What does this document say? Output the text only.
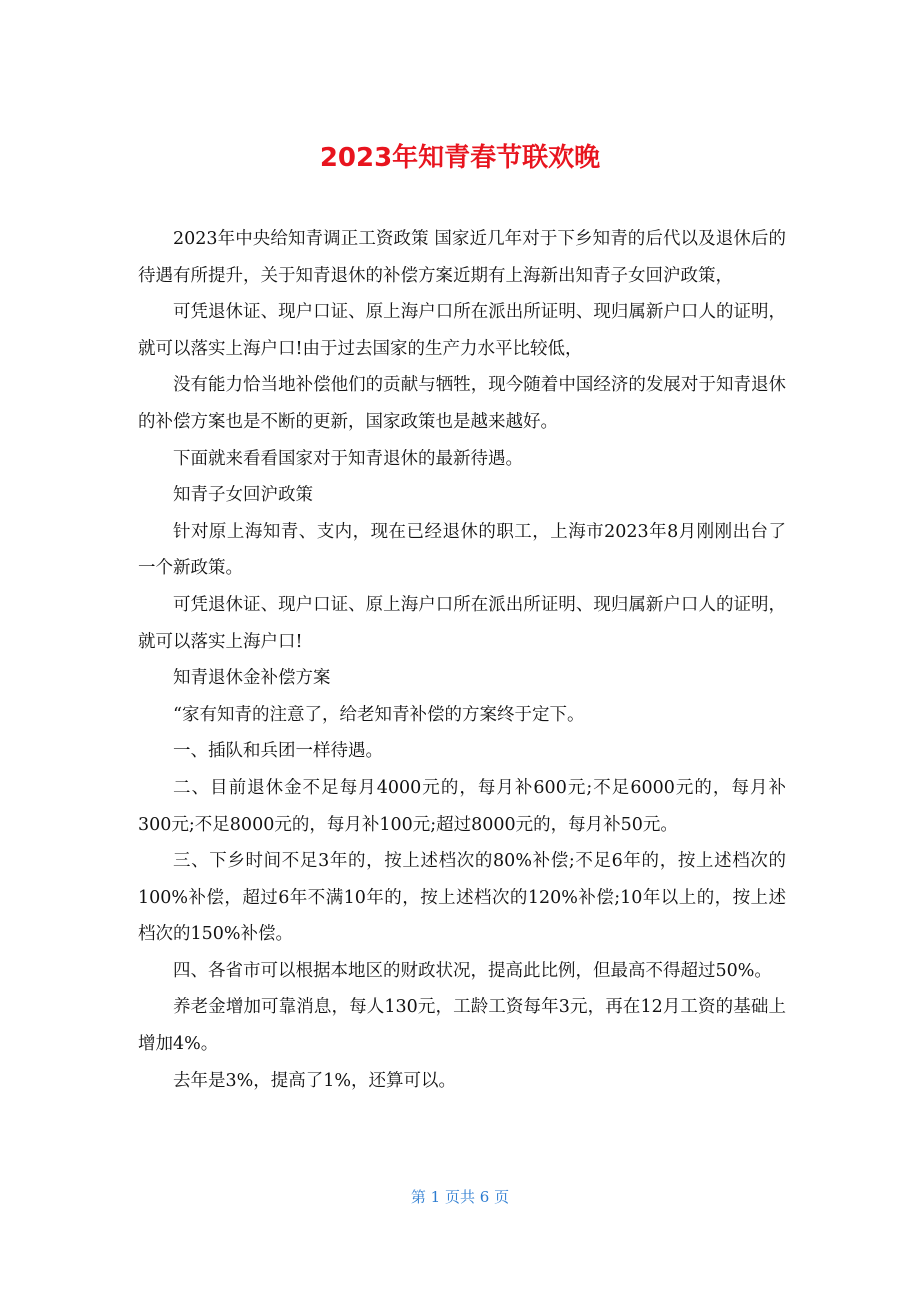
2023年知青春节联欢晚

2023年中央给知青调正工资政策 国家近几年对于下乡知青的后代以及退休后的待遇有所提升，关于知青退休的补偿方案近期有上海新出知青子女回沪政策，

可凭退休证、现户口证、原上海户口所在派出所证明、现归属新户口人的证明，就可以落实上海户口!由于过去国家的生产力水平比较低，

没有能力恰当地补偿他们的贡献与牺牲，现今随着中国经济的发展对于知青退休的补偿方案也是不断的更新，国家政策也是越来越好。

下面就来看看国家对于知青退休的最新待遇。

知青子女回沪政策

针对原上海知青、支内，现在已经退休的职工，上海市2023年8月刚刚出台了一个新政策。

可凭退休证、现户口证、原上海户口所在派出所证明、现归属新户口人的证明，就可以落实上海户口!

知青退休金补偿方案

“家有知青的注意了，给老知青补偿的方案终于定下。

一、插队和兵团一样待遇。

二、目前退休金不足每月4000元的，每月补600元;不足6000元的，每月补300元;不足8000元的，每月补100元;超过8000元的，每月补50元。

三、下乡时间不足3年的，按上述档次的80%补偿;不足6年的，按上述档次的100%补偿，超过6年不满10年的，按上述档次的120%补偿;10年以上的，按上述档次的150%补偿。

四、各省市可以根据本地区的财政状况，提高此比例，但最高不得超过50%。

养老金增加可靠消息，每人130元，工龄工资每年3元，再在12月工资的基础上增加4%。

去年是3%，提高了1%，还算可以。

第 1 页共 6 页
